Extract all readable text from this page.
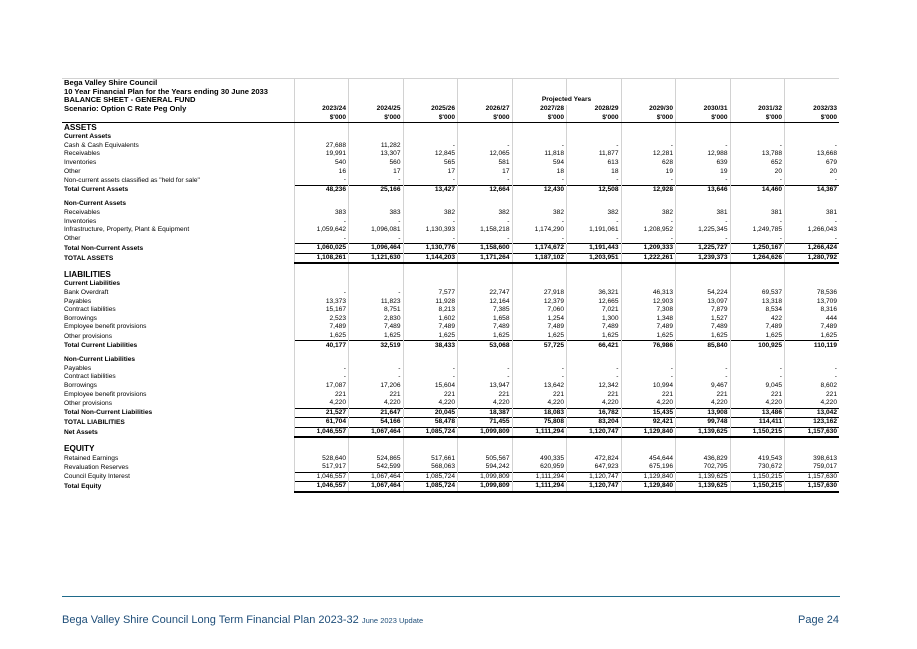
Bega Valley Shire Council										
10 Year Financial Plan for the Years ending 30 June 2033										
BALANCE SHEET - GENERAL FUND					Projected Years					
Scenario: Option C Rate Peg Only	2023/24	2024/25	2025/26	2026/27	2027/28	2028/29	2029/30	2030/31	2031/32	2032/33
	$'000	$'000	$'000	$'000	$'000	$'000	$'000	$'000	$'000	$'000
ASSETS										
Current Assets										
Cash & Cash Equivalents	27,688	11,282	-	-	-	-	-	-	-	-
Receivables	19,991	13,307	12,845	12,065	11,818	11,877	12,281	12,988	13,788	13,668
Inventories	540	560	565	581	594	613	628	639	652	679
Other	16	17	17	17	18	18	19	19	20	20
Non-current assets classified as "held for sale"	-	-	-	-	-	-	-	-	-	-
Total Current Assets	48,236	25,166	13,427	12,664	12,430	12,508	12,928	13,646	14,460	14,367

Non-Current Assets										
Receivables	383	383	382	382	382	382	382	381	381	381
Inventories	-	-	-	-	-	-	-	-	-	-
Infrastructure, Property, Plant & Equipment	1,059,642	1,096,081	1,130,393	1,158,218	1,174,290	1,191,061	1,208,952	1,225,345	1,249,785	1,266,043
Other	-	-	-	-	-	-	-	-	-	-
Total Non-Current Assets	1,060,025	1,096,464	1,130,776	1,158,600	1,174,672	1,191,443	1,209,333	1,225,727	1,250,167	1,266,424
TOTAL ASSETS	1,108,261	1,121,630	1,144,203	1,171,264	1,187,102	1,203,951	1,222,261	1,239,373	1,264,626	1,280,792

LIABILITIES										
Current Liabilities										
Bank Overdraft	-	-	7,577	22,747	27,918	36,321	46,313	54,224	69,537	78,536
Payables	13,373	11,823	11,928	12,164	12,379	12,665	12,903	13,097	13,318	13,709
Contract liabilities	15,167	8,751	8,213	7,385	7,060	7,021	7,308	7,879	8,534	8,316
Borrowings	2,523	2,830	1,602	1,658	1,254	1,300	1,348	1,527	422	444
Employee benefit provisions	7,489	7,489	7,489	7,489	7,489	7,489	7,489	7,489	7,489	7,489
Other provisions	1,625	1,625	1,625	1,625	1,625	1,625	1,625	1,625	1,625	1,625
Total Current Liabilities	40,177	32,519	38,433	53,068	57,725	66,421	76,986	85,840	100,925	110,119

Non-Current Liabilities										
Payables	-	-	-	-	-	-	-	-	-	-
Contract liabilities	-	-	-	-	-	-	-	-	-	-
Borrowings	17,087	17,206	15,604	13,947	13,642	12,342	10,994	9,467	9,045	8,602
Employee benefit provisions	221	221	221	221	221	221	221	221	221	221
Other provisions	4,220	4,220	4,220	4,220	4,220	4,220	4,220	4,220	4,220	4,220
Total Non-Current Liabilities	21,527	21,647	20,045	18,387	18,083	16,782	15,435	13,908	13,486	13,042
TOTAL LIABILITIES	61,704	54,166	58,478	71,455	75,808	83,204	92,421	99,748	114,411	123,162
Net Assets	1,046,557	1,067,464	1,085,724	1,099,809	1,111,294	1,120,747	1,129,840	1,139,625	1,150,215	1,157,630

EQUITY										
Retained Earnings	528,640	524,865	517,661	505,567	490,335	472,824	454,644	436,829	419,543	398,613
Revaluation Reserves	517,917	542,599	568,063	594,242	620,959	647,923	675,196	702,795	730,672	759,017
Council Equity Interest	1,046,557	1,067,464	1,085,724	1,099,809	1,111,294	1,120,747	1,129,840	1,139,625	1,150,215	1,157,630
Total Equity	1,046,557	1,067,464	1,085,724	1,099,809	1,111,294	1,120,747	1,129,840	1,139,625	1,150,215	1,157,630
Bega Valley Shire Council Long Term Financial Plan 2023-32 June 2023 Update	Page 24
